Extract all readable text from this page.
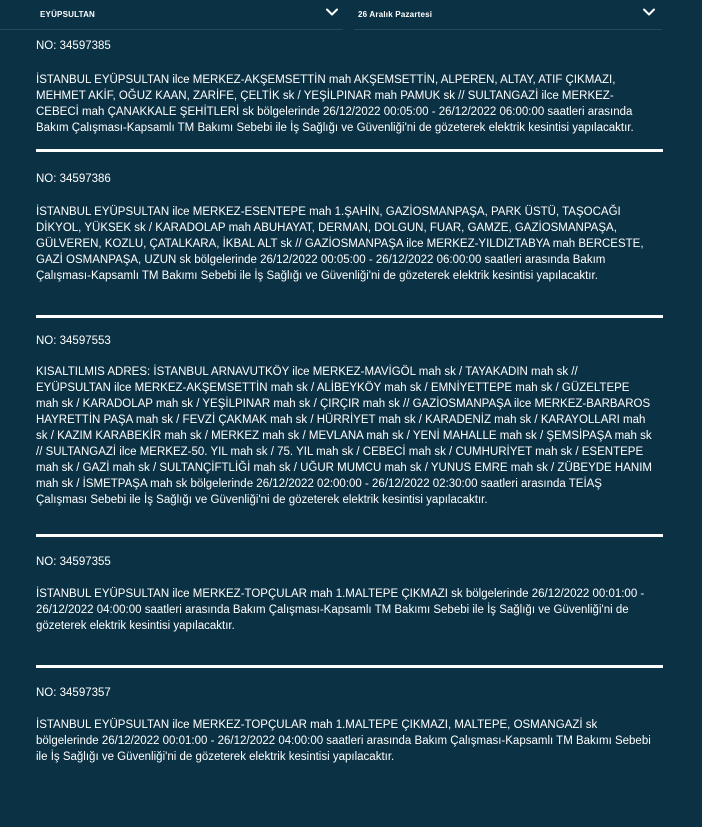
EYÜPSULTAN	26 Aralık Pazartesi

NO: 34597385

İSTANBUL EYÜPSULTAN ilce MERKEZ-AKŞEMSETTİN mah AKŞEMSETTİN, ALPEREN, ALTAY, ATIF ÇIKMAZI,
MEHMET AKİF, OĞUZ KAAN, ZARİFE, ÇELTİK sk / YEŞİLPINAR mah PAMUK sk // SULTANGAZİ ilce MERKEZ-
CEBECİ mah ÇANAKKALE ŞEHİTLERİ sk bölgelerinde 26/12/2022 00:05:00 - 26/12/2022 06:00:00 saatleri arasında
Bakım Çalışması-Kapsamlı TM Bakımı Sebebi ile İş Sağlığı ve Güvenliği'ni de gözeterek elektrik kesintisi yapılacaktır.

NO: 34597386

İSTANBUL EYÜPSULTAN ilce MERKEZ-ESENTEPE mah 1.ŞAHİN, GAZİOSMANPAŞA, PARK ÜSTÜ, TAŞOCAĞI
DİKYOL, YÜKSEK sk / KARADOLAP mah ABUHAYAT, DERMAN, DOLGUN, FUAR, GAMZE, GAZİOSMANPAŞA,
GÜLVEREN, KOZLU, ÇATALKARA, İKBAL ALT sk // GAZİOSMANPAŞA ilce MERKEZ-YILDIZTABYA mah BERCESTE,
GAZİ OSMANPAŞA, UZUN sk bölgelerinde 26/12/2022 00:05:00 - 26/12/2022 06:00:00 saatleri arasında Bakım
Çalışması-Kapsamlı TM Bakımı Sebebi ile İş Sağlığı ve Güvenliği'ni de gözeterek elektrik kesintisi yapılacaktır.

NO: 34597553

KISALTILMIS ADRES: İSTANBUL ARNAVUTKÖY ilce MERKEZ-MAVİGÖL mah sk / TAYAKADIN mah sk //
EYÜPSULTAN ilce MERKEZ-AKŞEMSETTİN mah sk / ALİBEYKÖY mah sk / EMNİYETTEPE mah sk / GÜZELTEPE
mah sk / KARADOLAP mah sk / YEŞİLPINAR mah sk / ÇIRÇIR mah sk // GAZİOSMANPAŞA ilce MERKEZ-BARBAROS
HAYRETTİN PAŞA mah sk / FEVZİ ÇAKMAK mah sk / HÜRRİYET mah sk / KARADENİZ mah sk / KARAYOLLARI mah
sk / KAZIM KARABEKİR mah sk / MERKEZ mah sk / MEVLANA mah sk / YENİ MAHALLE mah sk / ŞEMSİPAŞA mah sk
// SULTANGAZİ ilce MERKEZ-50. YIL mah sk / 75. YIL mah sk / CEBECİ mah sk / CUMHURİYET mah sk / ESENTEPE
mah sk / GAZİ mah sk / SULTANÇİFTLİĞİ mah sk / UĞUR MUMCU mah sk / YUNUS EMRE mah sk / ZÜBEYDE HANIM
mah sk / İSMETPAŞA mah sk bölgelerinde 26/12/2022 02:00:00 - 26/12/2022 02:30:00 saatleri arasında TEİAŞ
Çalışması Sebebi ile İş Sağlığı ve Güvenliği'ni de gözeterek elektrik kesintisi yapılacaktır.

NO: 34597355

İSTANBUL EYÜPSULTAN ilce MERKEZ-TOPÇULAR mah 1.MALTEPE ÇIKMAZI sk bölgelerinde 26/12/2022 00:01:00 -
26/12/2022 04:00:00 saatleri arasında Bakım Çalışması-Kapsamlı TM Bakımı Sebebi ile İş Sağlığı ve Güvenliği'ni de
gözeterek elektrik kesintisi yapılacaktır.

NO: 34597357

İSTANBUL EYÜPSULTAN ilce MERKEZ-TOPÇULAR mah 1.MALTEPE ÇIKMAZI, MALTEPE, OSMANGAZİ sk
bölgelerinde 26/12/2022 00:01:00 - 26/12/2022 04:00:00 saatleri arasında Bakım Çalışması-Kapsamlı TM Bakımı Sebebi
ile İş Sağlığı ve Güvenliği'ni de gözeterek elektrik kesintisi yapılacaktır.
